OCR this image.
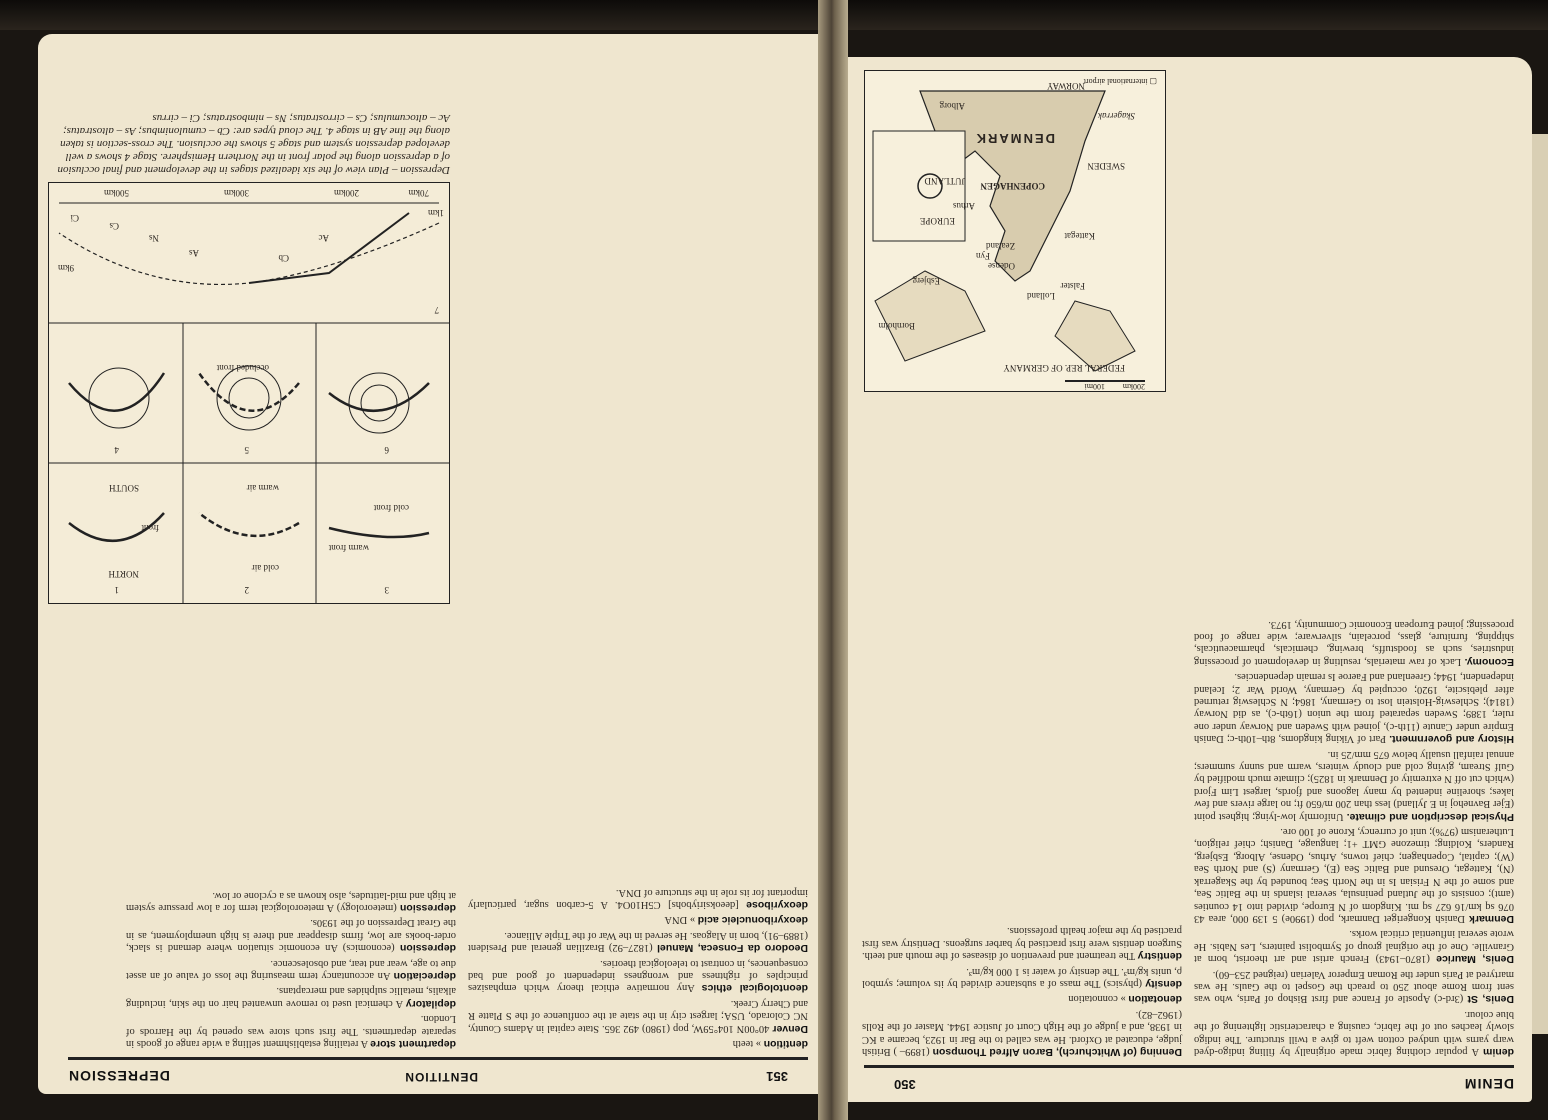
DENIM
350

denim A popular clothing fabric made originally by filling indigo-dyed warp yarns with undyed cotton weft to give a twill structure. The indigo slowly leaches out of the fabric, causing a characteristic lightening of the blue colour.

Denis, St (3rd-c) Apostle of France and first Bishop of Paris, who was sent from Rome about 250 to preach the Gospel to the Gauls. He was martyred at Paris under the Roman Emperor Valerian (reigned 253–60).

Denis, Maurice (1870–1943) French artist and art theorist, born at Granville. One of the original group of Symbolist painters, Les Nabis. He wrote several influential critical works.

Denmark Danish Kongeriget Danmark, pop (1990e) 5 139 000, area 43 076 sq km/16 627 sq mi. Kingdom of N Europe, divided into 14 counties (amt); consists of the Jutland peninsula, several islands in the Baltic Sea, and some of the N Frisian Is in the North Sea; bounded by the Skagerrak (N), Kattegat, Oresund and Baltic Sea (E), Germany (S) and North Sea (W); capital, Copenhagen; chief towns, Arhus, Odense, Alborg, Esbjerg, Randers, Kolding; timezone GMT +1; language, Danish; chief religion, Lutheranism (97%); unit of currency, Krone of 100 ore.

Physical description and climate. Uniformly low-lying; highest point (Ejer Bavnehoj in E Jylland) less than 200 m/650 ft; no large rivers and few lakes; shoreline indented by many lagoons and fjords, largest Lim Fjord (which cut off N extremity of Denmark in 1825); climate much modified by Gulf Stream, giving cold and cloudy winters, warm and sunny summers; annual rainfall usually below 675 mm/25 in.

History and government. Part of Viking kingdoms, 8th–10th-c; Danish Empire under Canute (11th-c), joined with Sweden and Norway under one ruler, 1389; Sweden separated from the union (16th-c), as did Norway (1814); Schleswig-Holstein lost to Germany, 1864; N Schleswig returned after plebiscite, 1920; occupied by Germany, World War 2; Iceland independent, 1944; Greenland and Faeroe Is remain dependencies.

Economy. Lack of raw materials, resulting in development of processing industries, such as foodstuffs, brewing, chemicals, pharmaceuticals, shipping, furniture, glass, porcelain, silverware; wide range of food processing; joined European Economic Community, 1973.

Denning (of Whitchurch), Baron Alfred Thompson (1899– ) British judge, educated at Oxford. He was called to the Bar in 1923, became a KC in 1938, and a judge of the High Court of Justice 1944. Master of the Rolls (1962–82).

denotation » connotation

density (physics) The mass of a substance divided by its volume; symbol ρ, units kg/m³. The density of water is 1 000 kg/m³.

dentistry The treatment and prevention of diseases of the mouth and teeth. Surgeon dentists were first practised by barber surgeons. Dentistry was first practised by the major health professions.

DENMARK
FEDERAL REP. OF GERMANY
COPENHAGEN
JUTLAND
SWEDEN
NORWAY
EUROPE
Kattegat
Skagerrak
Odense
Zealand
Esbjerg
Arhus
Lolland
Falster
Fyn
Alborg
Bornholm
200km
100mi
▢ international airport
351
DENTITION
DEPRESSION

dentition » teeth

Denver 40°00N 104°59W, pop (1980) 492 365. State capital in Adams County, NC Colorado, USA; largest city in the state at the confluence of the S Platte R and Cherry Creek.

deontological ethics Any normative ethical theory which emphasizes principles of rightness and wrongness independent of good and bad consequences, in contrast to teleological theories.

Deodoro da Fonseca, Manuel (1827–92) Brazilian general and President (1889–91), born in Alagoas. He served in the War of the Triple Alliance.

deoxyribonucleic acid » DNA

deoxyribose [deeoksiriybohs] C5H10O4. A 5-carbon sugar, particularly important for its role in the structure of DNA.

department store A retailing establishment selling a wide range of goods in separate departments. The first such store was opened by the Harrods of London.

depilatory A chemical used to remove unwanted hair on the skin, including alkalis, metallic sulphides and mercaptans.

depreciation An accountancy term measuring the loss of value of an asset due to age, wear and tear, and obsolescence.

depression (economics) An economic situation where demand is slack, order-books are low, firms disappear and there is high unemployment, as in the Great Depression of the 1930s.

depression (meteorology) A meteorological term for a low pressure system at high and mid-latitudes, also known as a cyclone or low.

1	2	3
4	5	6
7
NORTH
SOUTH
cold air
warm air
front
cold front
warm front
occluded front
Cb
As
Ac
Ci
Cs
Ns
200km
300km
500km	70km
1km
9km
Depression – Plan view of the six idealized stages in the development and final occlusion of a depression along the polar front in the Northern Hemisphere. Stage 4 shows a well developed depression system and stage 5 shows the occlusion. The cross-section is taken along the line AB in stage 4. The cloud types are: Cb – cumulonimbus; As – altostratus; Ac – altocumulus; Cs – cirrostratus; Ns – nimbostratus; Ci – cirrus
